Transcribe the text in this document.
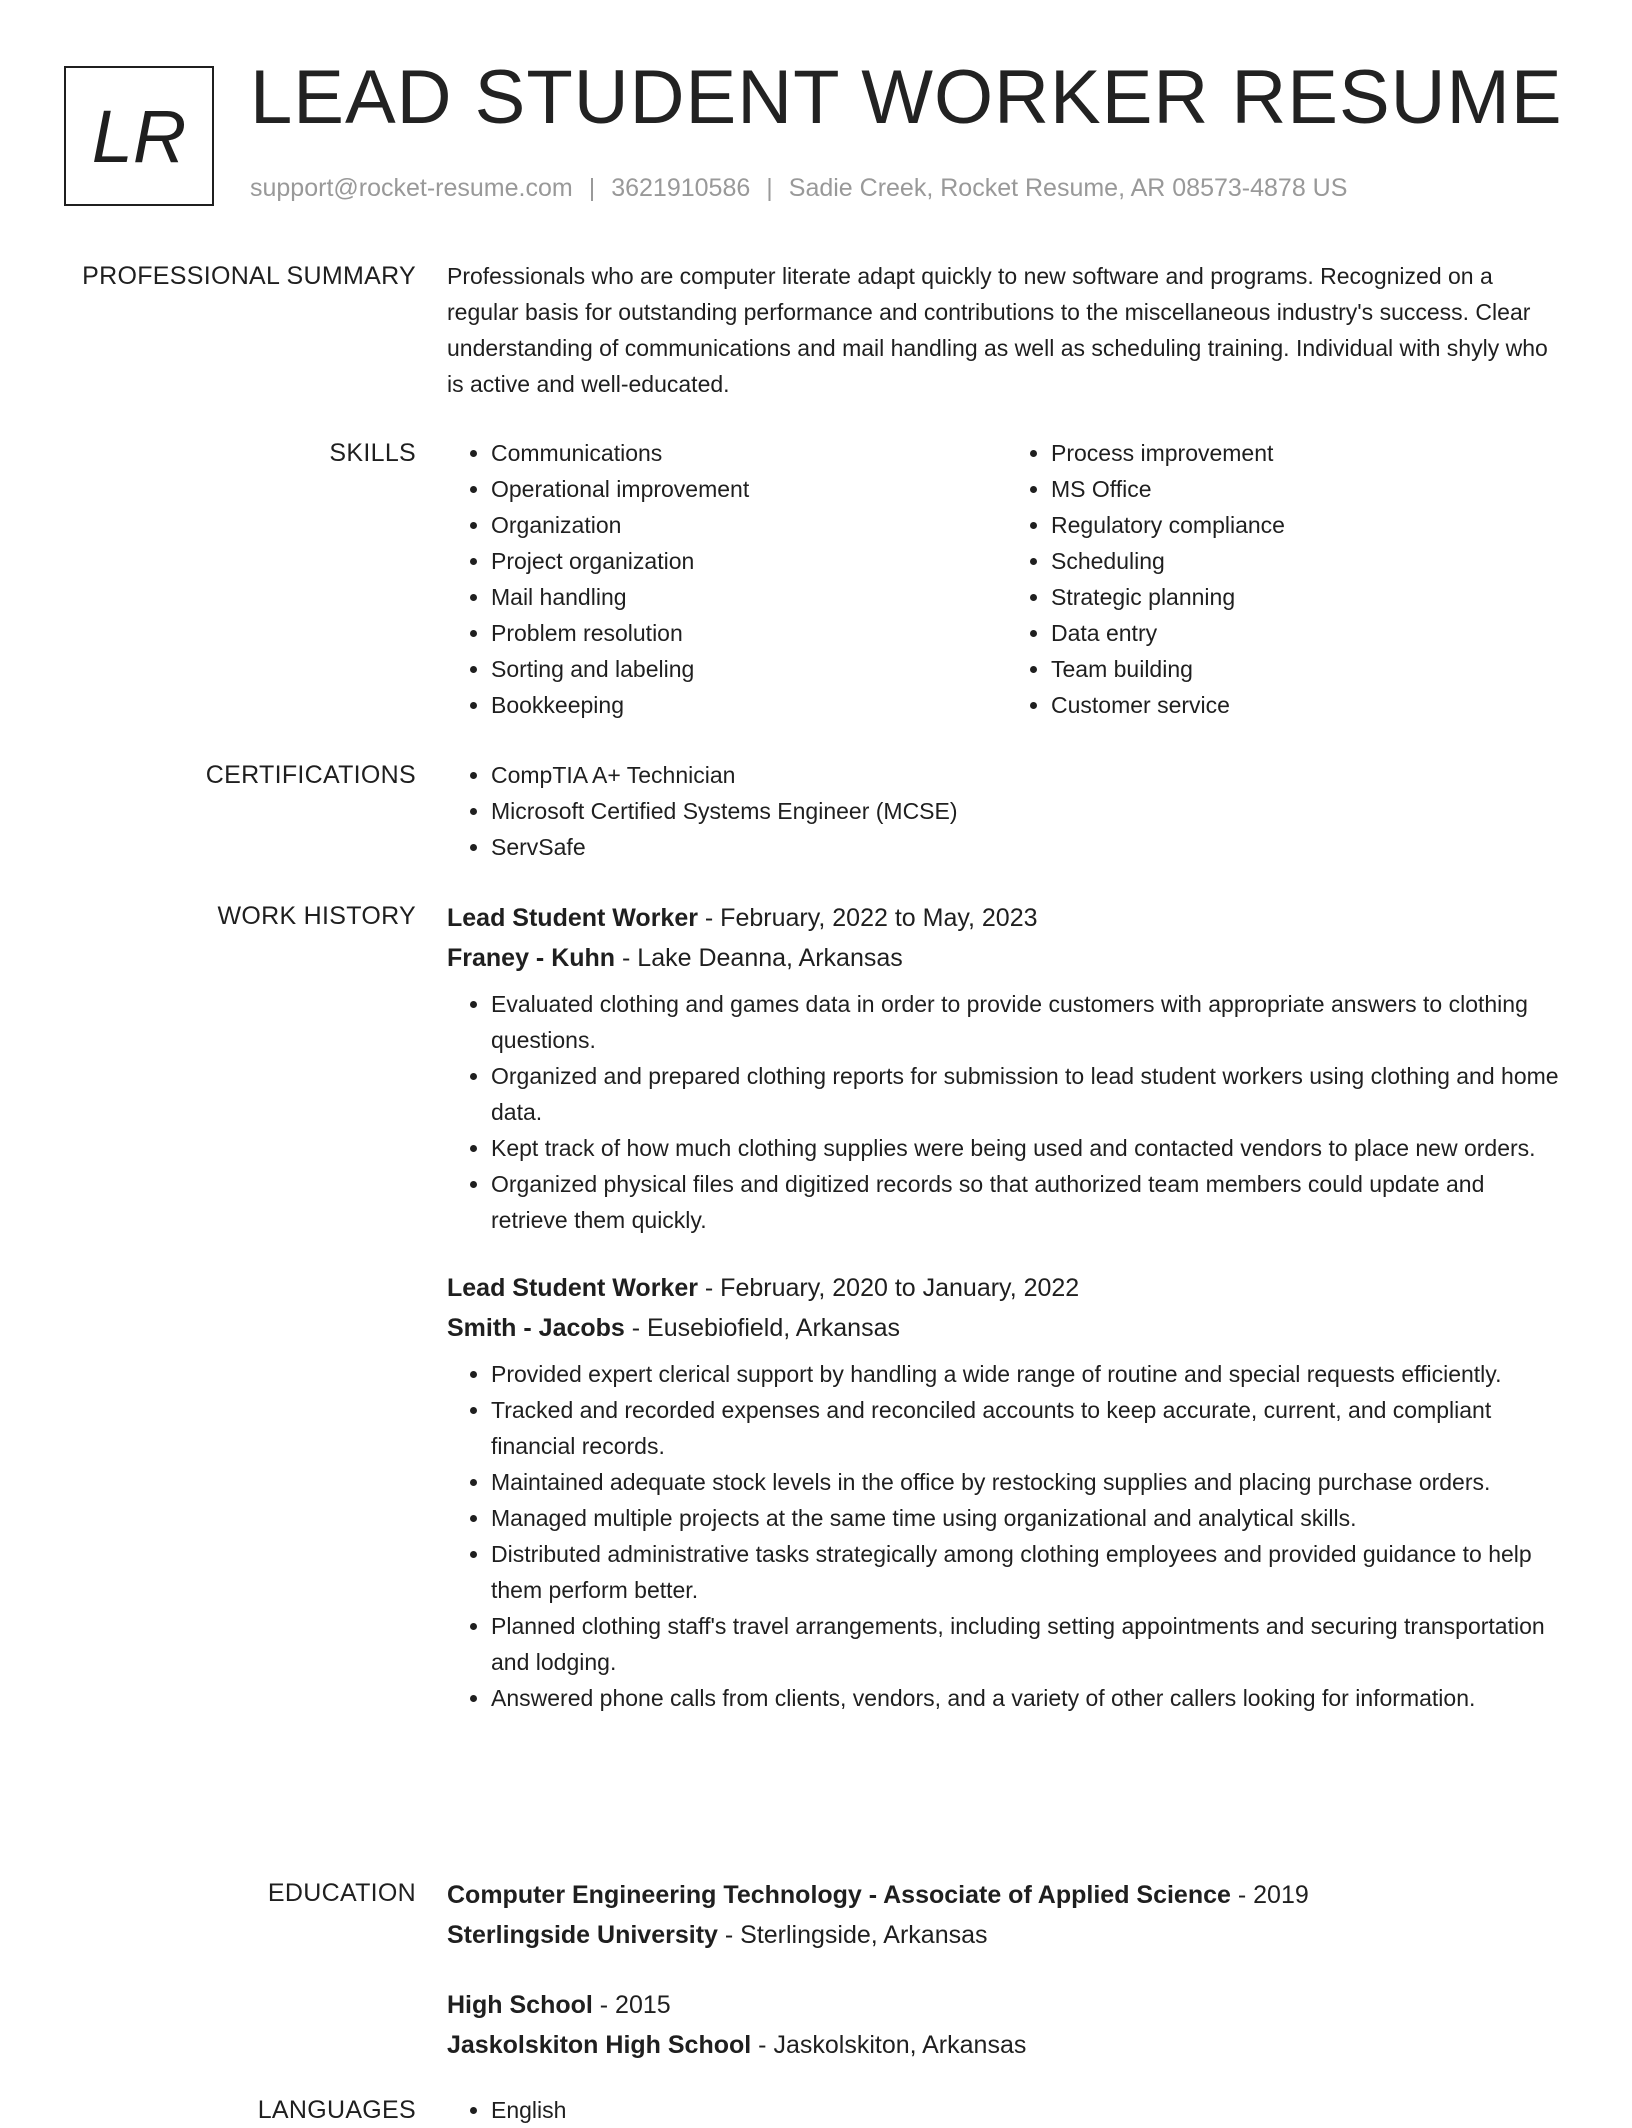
LR LEAD STUDENT WORKER RESUME
support@rocket-resume.com | 3621910586 | Sadie Creek, Rocket Resume, AR 08573-4878 US
PROFESSIONAL SUMMARY Professionals who are computer literate adapt quickly to new software and programs. Recognized on a regular basis for outstanding performance and contributions to the miscellaneous industry's success. Clear understanding of communications and mail handling as well as scheduling training. Individual with shyly who is active and well-educated.

SKILLS	• Communications
• Operational improvement
• Organization
• Project organization
• Mail handling
• Problem resolution
• Sorting and labeling
• Bookkeeping
• Process improvement
• MS Office
• Regulatory compliance
• Scheduling
• Strategic planning
• Data entry
• Team building
• Customer service
CERTIFICATIONS	• CompTIA A+ Technician
• Microsoft Certified Systems Engineer (MCSE)
• ServSafe
WORK HISTORY Lead Student Worker - February, 2022 to May, 2023

Franey - Kuhn - Lake Deanna, Arkansas

• Evaluated clothing and games data in order to provide customers with appropriate answers to clothing questions.
• Organized and prepared clothing reports for submission to lead student workers using clothing and home data.
• Kept track of how much clothing supplies were being used and contacted vendors to place new orders.
• Organized physical files and digitized records so that authorized team members could update and retrieve them quickly.

Lead Student Worker - February, 2020 to January, 2022

Smith - Jacobs - Eusebiofield, Arkansas

• Provided expert clerical support by handling a wide range of routine and special requests efficiently.
• Tracked and recorded expenses and reconciled accounts to keep accurate, current, and compliant financial records.
• Maintained adequate stock levels in the office by restocking supplies and placing purchase orders.
• Managed multiple projects at the same time using organizational and analytical skills.
• Distributed administrative tasks strategically among clothing employees and provided guidance to help them perform better.
• Planned clothing staff's travel arrangements, including setting appointments and securing transportation and lodging.
• Answered phone calls from clients, vendors, and a variety of other callers looking for information.
EDUCATION Computer Engineering Technology - Associate of Applied Science - 2019

Sterlingside University - Sterlingside, Arkansas

High School - 2015

Jaskolskiton High School - Jaskolskiton, Arkansas

LANGUAGES	• English
